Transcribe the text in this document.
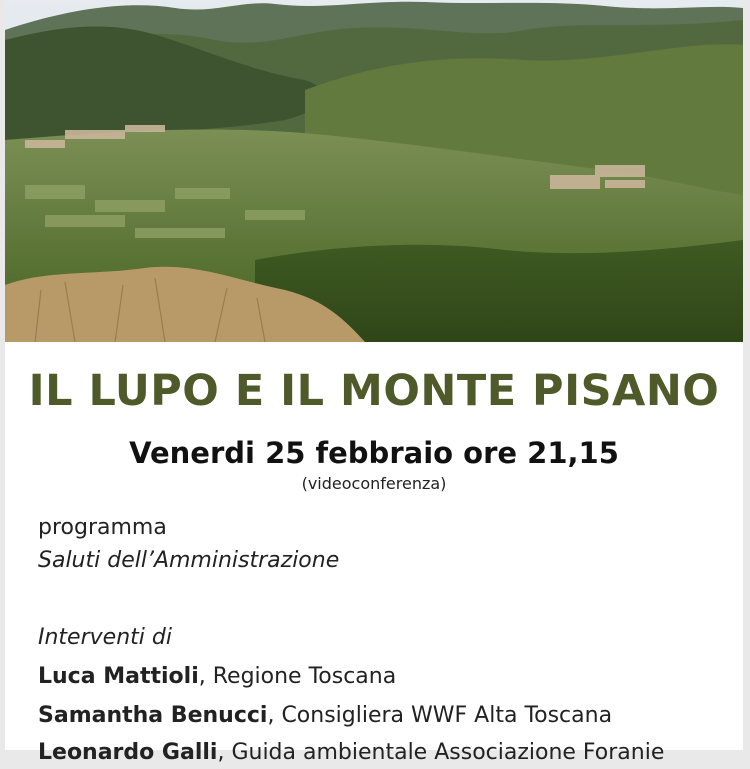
IL LUPO E IL MONTE PISANO
Venerdi 25 febbraio ore 21,15
(videoconferenza)
programma
Saluti dell’Amministrazione
Interventi di
Luca Mattioli, Regione Toscana
Samantha Benucci, Consigliera WWF Alta Toscana
Leonardo Galli, Guida ambientale Associazione Foranie
